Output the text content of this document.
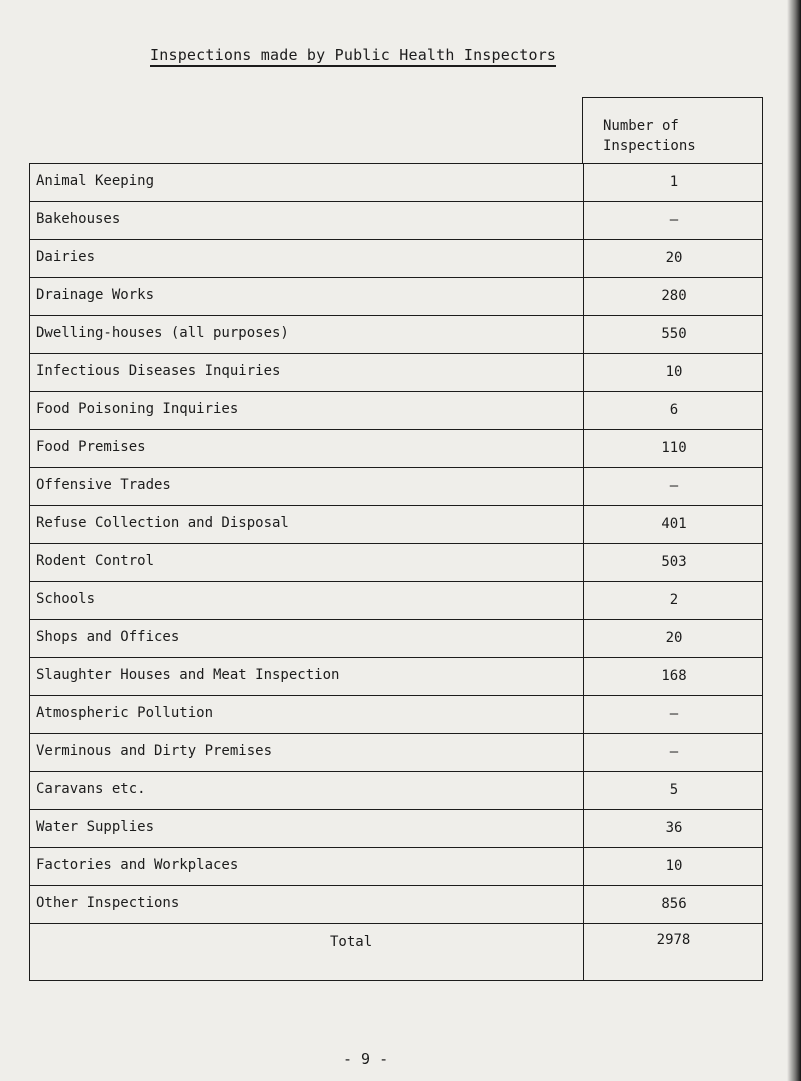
Inspections made by Public Health Inspectors
Number of
Inspections
Animal Keeping	1
Bakehouses	–
Dairies	20
Drainage Works	280
Dwelling-houses (all purposes)	550
Infectious Diseases Inquiries	10
Food Poisoning Inquiries	6
Food Premises	110
Offensive Trades	–
Refuse Collection and Disposal	401
Rodent Control	503
Schools	2
Shops and Offices	20
Slaughter Houses and Meat Inspection	168
Atmospheric Pollution	–
Verminous and Dirty Premises	–
Caravans etc.	5
Water Supplies	36
Factories and Workplaces	10
Other Inspections	856
Total	2978
- 9 -
